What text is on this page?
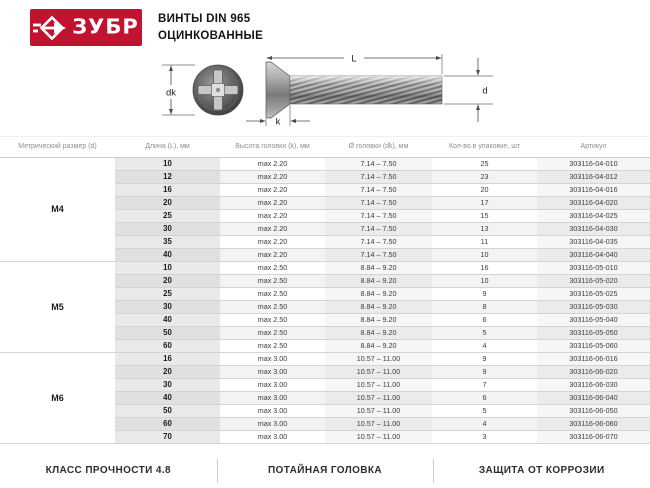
ЗУБР ВИНТЫ DIN 965
ОЦИНКОВАННЫЕ
dk
L
d
k
Метрический размер (d)	Длина (L), мм	Высота головки (k), мм	Ø головки (dk), мм	Кол-во в упаковке, шт	Артикул
M4	10	max 2.20	7.14 – 7.50	25	303116-04-010
	12	max 2.20	7.14 – 7.50	23	303116-04-012
	16	max 2.20	7.14 – 7.50	20	303116-04-016
	20	max 2.20	7.14 – 7.50	17	303116-04-020
	25	max 2.20	7.14 – 7.50	15	303116-04-025
	30	max 2.20	7.14 – 7.50	13	303116-04-030
	35	max 2.20	7.14 – 7.50	11	303116-04-035
	40	max 2.20	7.14 – 7.50	10	303116-04-040
M5	10	max 2.50	8.84 – 9.20	16	303116-05-010
	20	max 2.50	8.84 – 9.20	10	303116-05-020
	25	max 2.50	8.84 – 9.20	9	303116-05-025
	30	max 2.50	8.84 – 9.20	8	303116-05-030
	40	max 2.50	8.84 – 9.20	6	303116-05-040
	50	max 2.50	8.84 – 9.20	5	303116-05-050
	60	max 2.50	8.84 – 9.20	4	303116-05-060
M6	16	max 3.00	10.57 – 11.00	9	303116-06-016
	20	max 3.00	10.57 – 11.00	9	303116-06-020
	30	max 3.00	10.57 – 11.00	7	303116-06-030
	40	max 3.00	10.57 – 11.00	6	303116-06-040
	50	max 3.00	10.57 – 11.00	5	303116-06-050
	60	max 3.00	10.57 – 11.00	4	303116-06-060
	70	max 3.00	10.57 – 11.00	3	303116-06-070
КЛАСС ПРОЧНОСТИ 4.8	ПОТАЙНАЯ ГОЛОВКА	ЗАЩИТА ОТ КОРРОЗИИ
